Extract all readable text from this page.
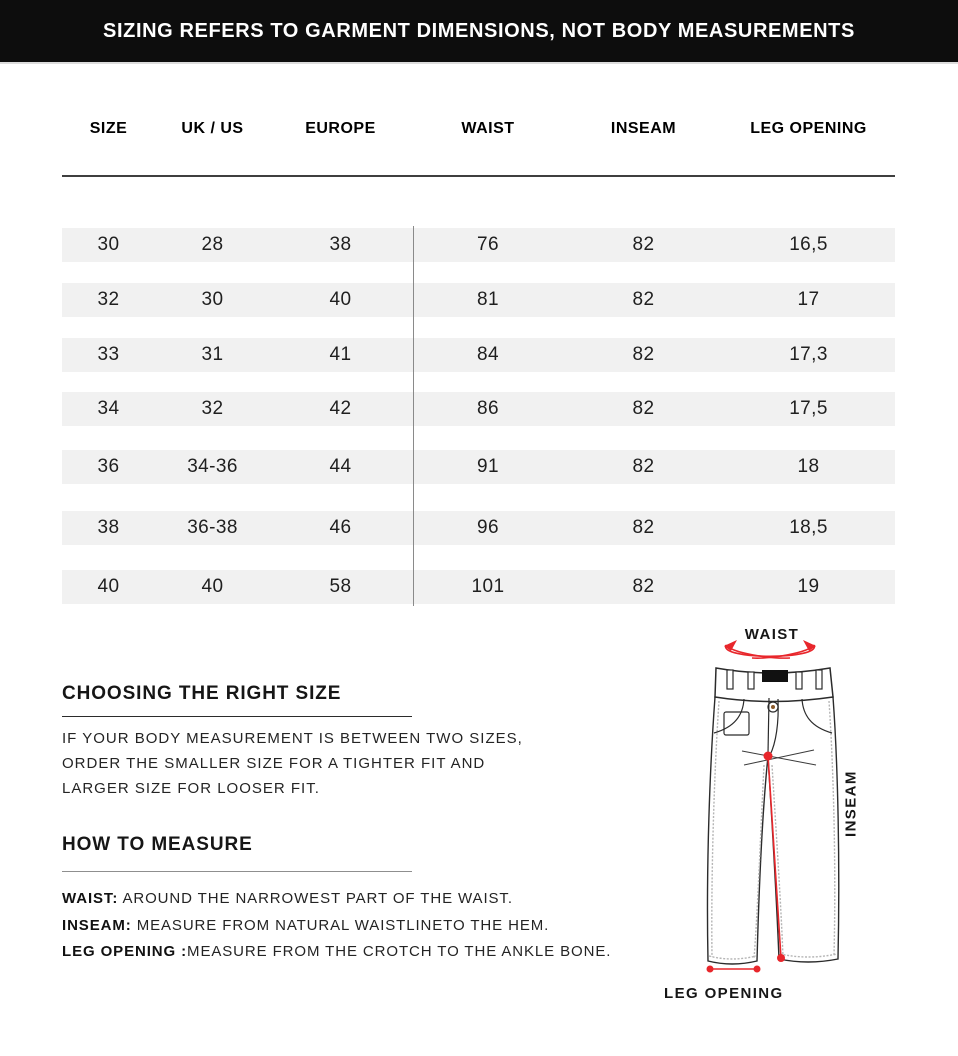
SIZING REFERS TO GARMENT DIMENSIONS, NOT BODY MEASUREMENTS
SIZE	UK / US	EUROPE	WAIST	INSEAM	LEG OPENING
30	28	38	76	82	16,5
32	30	40	81	82	17
33	31	41	84	82	17,3
34	32	42	86	82	17,5
36	34-36	44	91	82	18
38	36-38	46	96	82	18,5
40	40	58	101	82	19
CHOOSING THE RIGHT SIZE
IF YOUR BODY MEASUREMENT IS BETWEEN TWO SIZES,
ORDER THE SMALLER SIZE FOR A TIGHTER FIT AND
LARGER SIZE FOR LOOSER FIT.
HOW TO MEASURE
WAIST: AROUND THE NARROWEST PART OF THE WAIST.
INSEAM: MEASURE FROM NATURAL WAISTLINETO THE HEM.
LEG OPENING :MEASURE FROM THE CROTCH TO THE ANKLE BONE.
WAIST
INSEAM
LEG OPENING
